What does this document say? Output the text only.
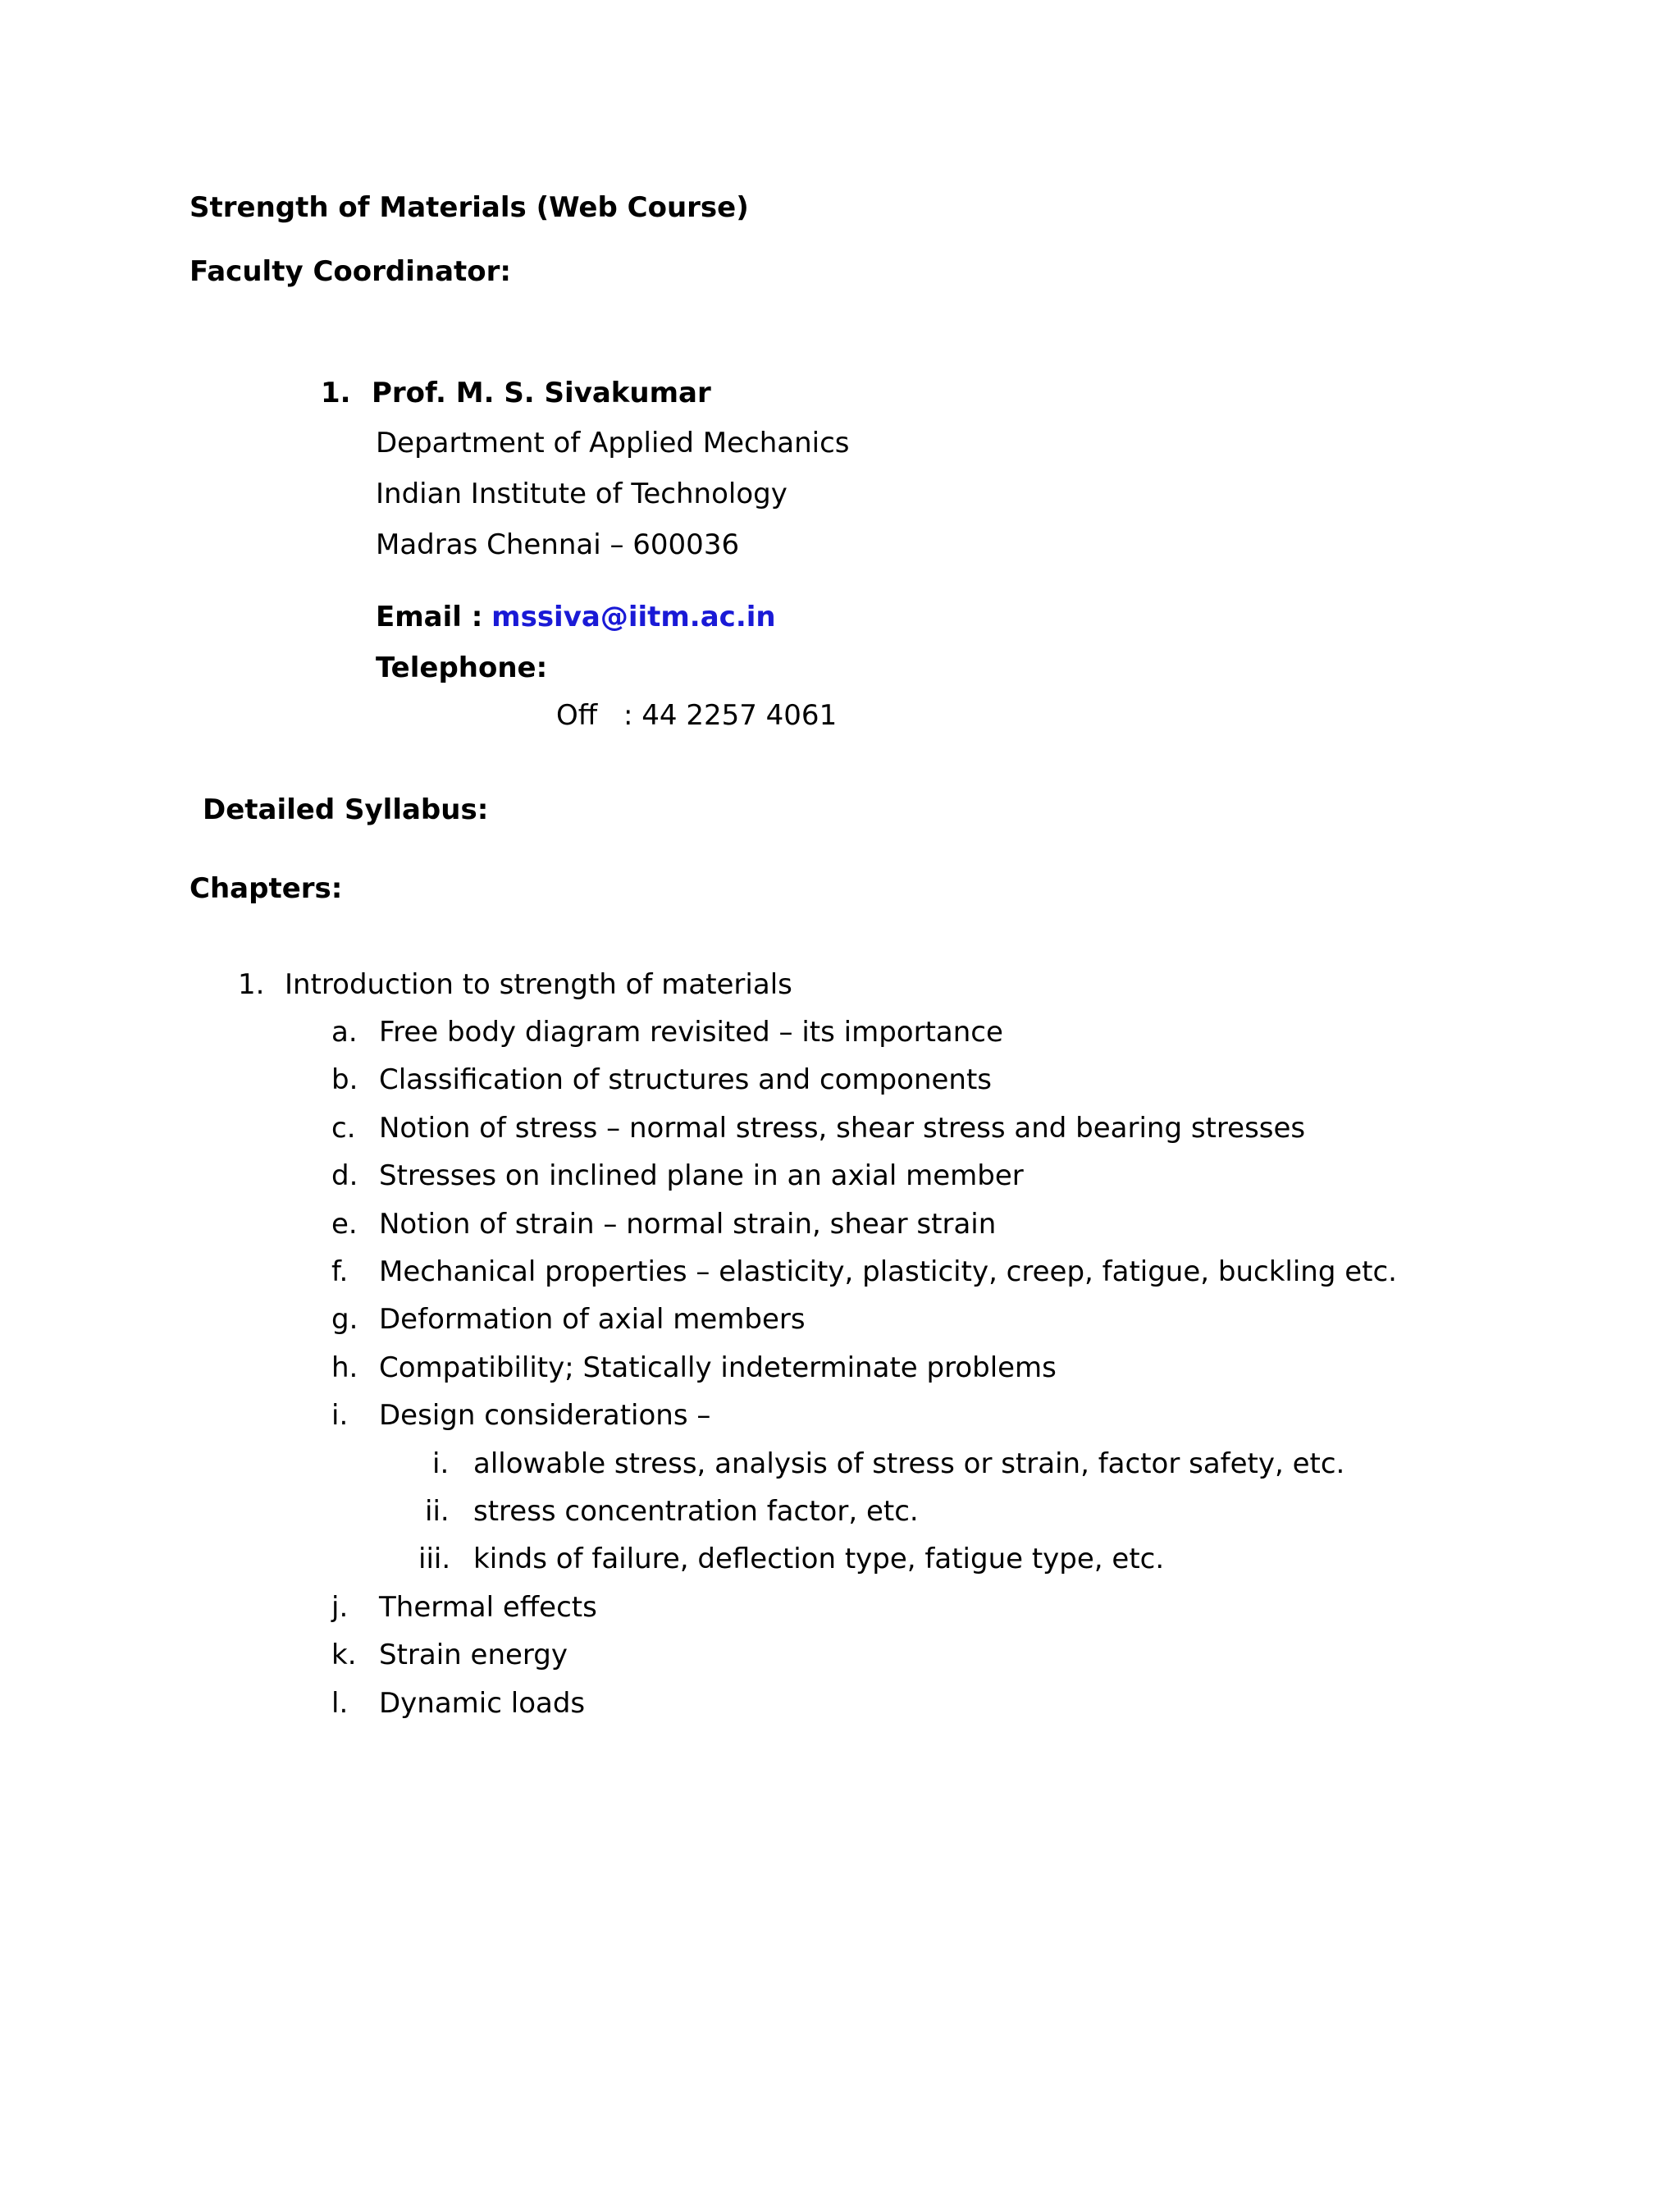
Strength of Materials (Web Course)
Faculty Coordinator:
1. Prof. M. S. Sivakumar
Department of Applied Mechanics
Indian Institute of Technology
Madras Chennai – 600036
Email : mssiva@iitm.ac.in
Telephone:
Off : 44 2257 4061
Detailed Syllabus:
Chapters:
1. Introduction to strength of materials
a. Free body diagram revisited – its importance
b. Classification of structures and components
c. Notion of stress – normal stress, shear stress and bearing stresses
d. Stresses on inclined plane in an axial member
e. Notion of strain – normal strain, shear strain
f. Mechanical properties – elasticity, plasticity, creep, fatigue, buckling etc.
g. Deformation of axial members
h. Compatibility; Statically indeterminate problems
i. Design considerations –
i. allowable stress, analysis of stress or strain, factor safety, etc.
ii. stress concentration factor, etc.
iii. kinds of failure, deflection type, fatigue type, etc.
j. Thermal effects
k. Strain energy
l. Dynamic loads
